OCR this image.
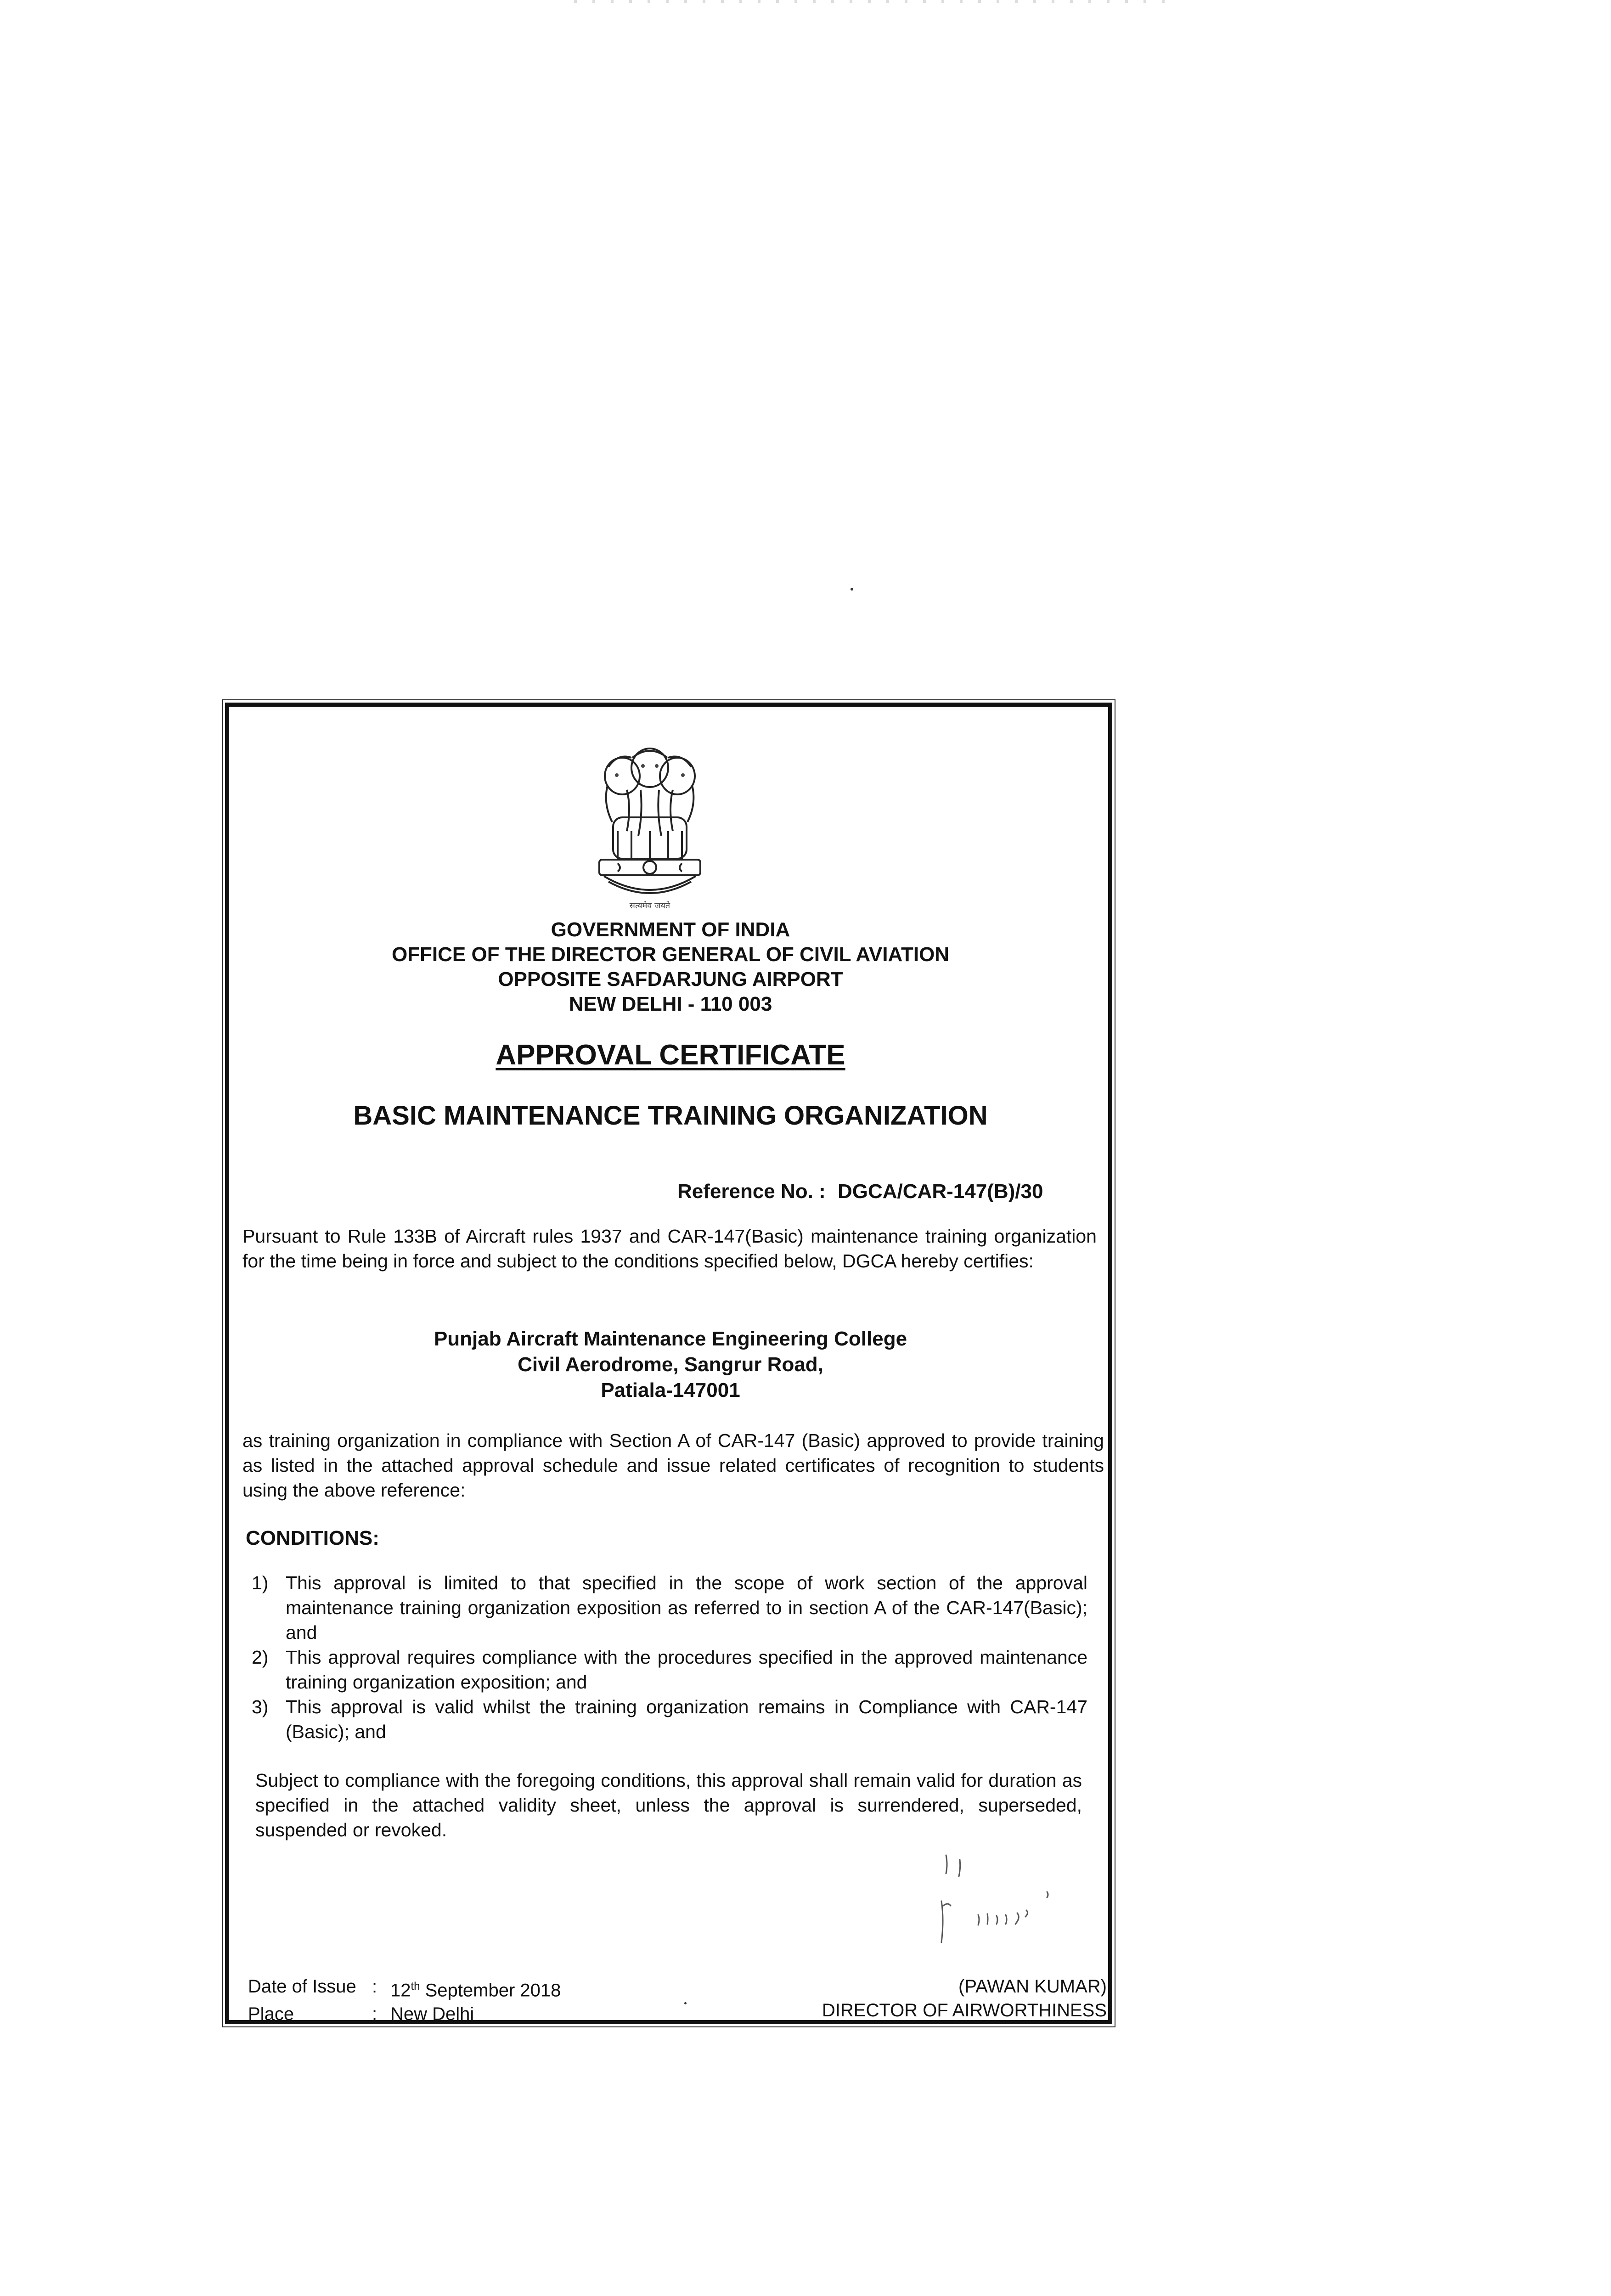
सत्यमेव जयते
GOVERNMENT OF INDIA
OFFICE OF THE DIRECTOR GENERAL OF CIVIL AVIATION
OPPOSITE SAFDARJUNG AIRPORT
NEW DELHI - 110 003
APPROVAL CERTIFICATE
BASIC MAINTENANCE TRAINING ORGANIZATION
Reference No. : DGCA/CAR-147(B)/30
Pursuant to Rule 133B of Aircraft rules 1937 and CAR-147(Basic) maintenance training organization for the time being in force and subject to the conditions specified below, DGCA hereby certifies:
Punjab Aircraft Maintenance Engineering College
Civil Aerodrome, Sangrur Road,
Patiala-147001
as training organization in compliance with Section A of CAR-147 (Basic) approved to provide training as listed in the attached approval schedule and issue related certificates of recognition to students using the above reference:
CONDITIONS:
1) This approval is limited to that specified in the scope of work section of the approval maintenance training organization exposition as referred to in section A of the CAR-147(Basic); and
2) This approval requires compliance with the procedures specified in the approved maintenance training organization exposition; and
3) This approval is valid whilst the training organization remains in Compliance with CAR-147 (Basic); and
Subject to compliance with the foregoing conditions, this approval shall remain valid for duration as specified in the attached validity sheet, unless the approval is surrendered, superseded, suspended or revoked.
Date of Issue : 12th September 2018
Place	: New Delhi
(PAWAN KUMAR)
DIRECTOR OF AIRWORTHINESS
